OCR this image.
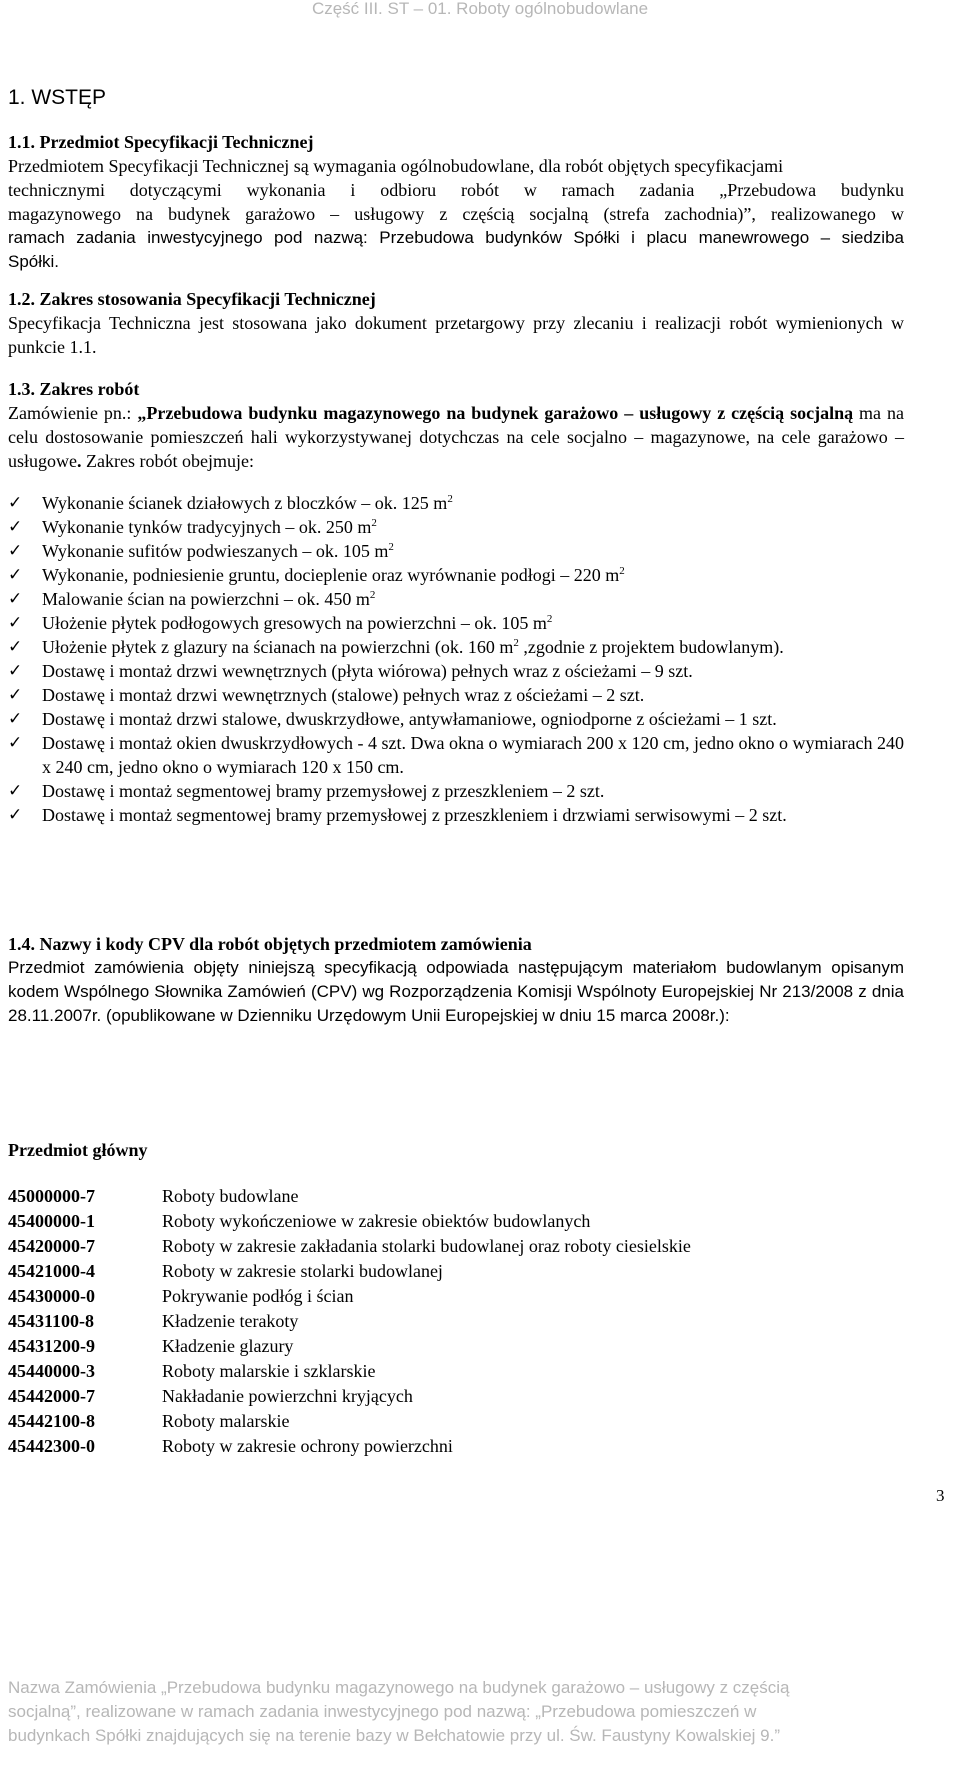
Część III. ST – 01. Roboty ogólnobudowlane
1. WSTĘP
1.1. Przedmiot Specyfikacji Technicznej
Przedmiotem Specyfikacji Technicznej są wymagania ogólnobudowlane, dla robót objętych specyfikacjami
technicznymi dotyczącymi wykonania i odbioru robót w ramach zadania „Przebudowa budynku
magazynowego na budynek garażowo – usługowy z częścią socjalną (strefa zachodnia)”, realizowanego w
ramach zadania inwestycyjnego pod nazwą: Przebudowa budynków Spółki i placu manewrowego – siedziba
Spółki.
1.2. Zakres stosowania Specyfikacji Technicznej
Specyfikacja Techniczna jest stosowana jako dokument przetargowy przy zlecaniu i realizacji robót wymienionych w punkcie 1.1.
1.3. Zakres robót
Zamówienie pn.: „Przebudowa budynku magazynowego na budynek garażowo – usługowy z częścią socjalną ma na celu dostosowanie pomieszczeń hali wykorzystywanej dotychczas na cele socjalno – magazynowe, na cele garażowo – usługowe. Zakres robót obejmuje:
✓ Wykonanie ścianek działowych z bloczków – ok. 125 $m^2$
✓ Wykonanie tynków tradycyjnych – ok. 250 $m^2$
✓ Wykonanie sufitów podwieszanych – ok. 105 $m^2$
✓ Wykonanie, podniesienie gruntu, docieplenie oraz wyrównanie podłogi – 220 $m^2$
✓ Malowanie ścian na powierzchni – ok. 450 $m^2$
✓ Ułożenie płytek podłogowych gresowych na powierzchni – ok. 105 $m^2$
✓ Ułożenie płytek z glazury na ścianach na powierzchni (ok. 160 $m^2$ ,zgodnie z projektem budowlanym).
✓ Dostawę i montaż drzwi wewnętrznych (płyta wiórowa) pełnych wraz z ościeżami – 9 szt.
✓ Dostawę i montaż drzwi wewnętrznych (stalowe) pełnych wraz z ościeżami – 2 szt.
✓ Dostawę i montaż drzwi stalowe, dwuskrzydłowe, antywłamaniowe, ogniodporne z ościeżami – 1 szt.
✓ Dostawę i montaż okien dwuskrzydłowych - 4 szt. Dwa okna o wymiarach 200 x 120 cm, jedno okno o wymiarach 240 x 240 cm, jedno okno o wymiarach 120 x 150 cm.
✓ Dostawę i montaż segmentowej bramy przemysłowej z przeszkleniem – 2 szt.
✓ Dostawę i montaż segmentowej bramy przemysłowej z przeszkleniem i drzwiami serwisowymi – 2 szt.
1.4. Nazwy i kody CPV dla robót objętych przedmiotem zamówienia
Przedmiot zamówienia objęty niniejszą specyfikacją odpowiada następującym materiałom budowlanym opisanym kodem Wspólnego Słownika Zamówień (CPV) wg Rozporządzenia Komisji Wspólnoty Europejskiej Nr 213/2008 z dnia 28.11.2007r. (opublikowane w Dzienniku Urzędowym Unii Europejskiej w dniu 15 marca 2008r.):
Przedmiot główny
45000000-7	Roboty budowlane
45400000-1	Roboty wykończeniowe w zakresie obiektów budowlanych
45420000-7	Roboty w zakresie zakładania stolarki budowlanej oraz roboty ciesielskie
45421000-4	Roboty w zakresie stolarki budowlanej
45430000-0	Pokrywanie podłóg i ścian
45431100-8	Kładzenie terakoty
45431200-9	Kładzenie glazury
45440000-3	Roboty malarskie i szklarskie
45442000-7	Nakładanie powierzchni kryjących
45442100-8	Roboty malarskie
45442300-0	Roboty w zakresie ochrony powierzchni
3
Nazwa Zamówienia „Przebudowa budynku magazynowego na budynek garażowo – usługowy z częścią
socjalną”, realizowane w ramach zadania inwestycyjnego pod nazwą: „Przebudowa pomieszczeń w
budynkach Spółki znajdujących się na terenie bazy w Bełchatowie przy ul. Św. Faustyny Kowalskiej 9.”
